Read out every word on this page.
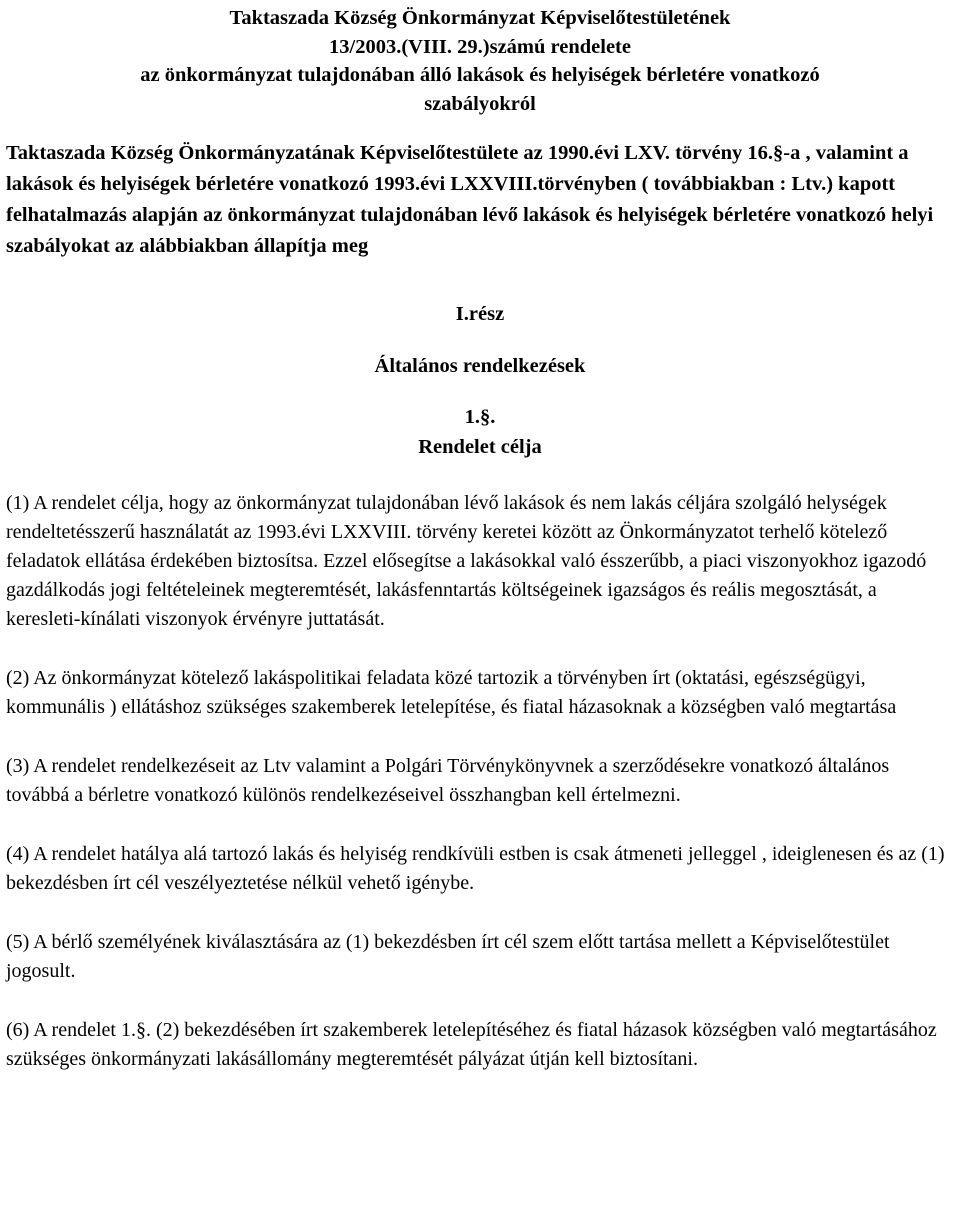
Taktaszada Község Önkormányzat Képviselőtestületének
13/2003.(VIII. 29.)számú rendelete
az önkormányzat tulajdonában álló lakások és helyiségek bérletére vonatkozó
szabályokról
Taktaszada Község Önkormányzatának Képviselőtestülete az 1990.évi LXV. törvény 16.§-a , valamint a lakások és helyiségek bérletére vonatkozó 1993.évi LXXVIII.törvényben ( továbbiakban : Ltv.) kapott felhatalmazás alapján az önkormányzat tulajdonában lévő lakások és helyiségek bérletére vonatkozó helyi szabályokat az alábbiakban állapítja meg
I.rész
Általános rendelkezések
1.§.
Rendelet célja

(1) A rendelet célja, hogy az önkormányzat tulajdonában lévő lakások és nem lakás céljára szolgáló helységek rendeltetésszerű használatát az 1993.évi LXXVIII. törvény keretei között az Önkormányzatot terhelő kötelező feladatok ellátása érdekében biztosítsa. Ezzel elősegítse a lakásokkal való ésszerűbb, a piaci viszonyokhoz igazodó gazdálkodás jogi feltételeinek megteremtését, lakásfenntartás költségeinek igazságos és reális megosztását, a keresleti-kínálati viszonyok érvényre juttatását.

(2) Az önkormányzat kötelező lakáspolitikai feladata közé tartozik a törvényben írt (oktatási, egészségügyi, kommunális ) ellátáshoz szükséges szakemberek letelepítése, és fiatal házasoknak a községben való megtartása

(3) A rendelet rendelkezéseit az Ltv valamint a Polgári Törvénykönyvnek a szerződésekre vonatkozó általános továbbá a bérletre vonatkozó különös rendelkezéseivel összhangban kell értelmezni.

(4) A rendelet hatálya alá tartozó lakás és helyiség rendkívüli estben is csak átmeneti jelleggel , ideiglenesen és az (1) bekezdésben írt cél veszélyeztetése nélkül vehető igénybe.

(5) A bérlő személyének kiválasztására az (1) bekezdésben írt cél szem előtt tartása mellett a Képviselőtestület jogosult.

(6) A rendelet 1.§. (2) bekezdésében írt szakemberek letelepítéséhez és fiatal házasok községben való megtartásához szükséges önkormányzati lakásállomány megteremtését pályázat útján kell biztosítani.
